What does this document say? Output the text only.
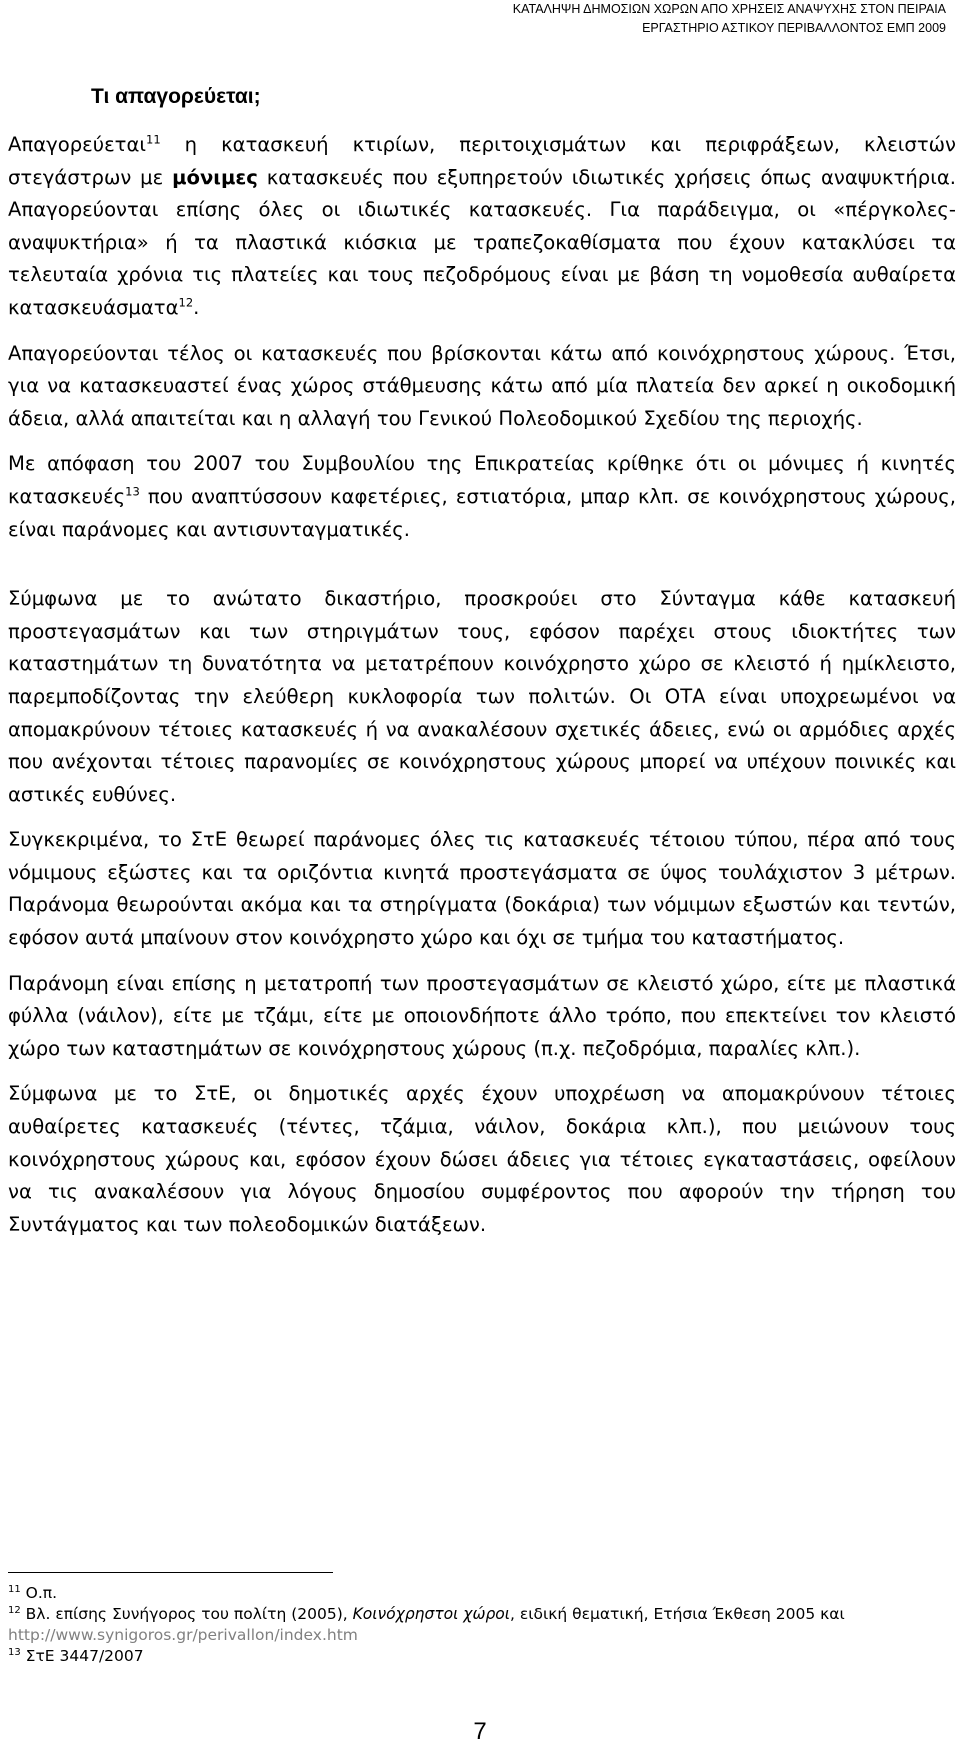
ΚΑΤΑΛΗΨΗ ΔΗΜΟΣΙΩΝ ΧΩΡΩΝ ΑΠΟ ΧΡΗΣΕΙΣ ΑΝΑΨΥΧΗΣ ΣΤΟΝ ΠΕΙΡΑΙΑ
ΕΡΓΑΣΤΗΡΙΟ ΑΣΤΙΚΟΥ ΠΕΡΙΒΑΛΛΟΝΤΟΣ ΕΜΠ 2009
Τι απαγορεύεται;

Απαγορεύεται$^{11}$ η κατασκευή κτιρίων, περιτοιχισμάτων και περιφράξεων, κλειστών στεγάστρων με μόνιμες κατασκευές που εξυπηρετούν ιδιωτικές χρήσεις όπως αναψυκτήρια. Απαγορεύονται επίσης όλες οι ιδιωτικές κατασκευές. Για παράδειγμα, οι «πέργκολες-αναψυκτήρια» ή τα πλαστικά κιόσκια με τραπεζοκαθίσματα που έχουν κατακλύσει τα τελευταία χρόνια τις πλατείες και τους πεζοδρόμους είναι με βάση τη νομοθεσία αυθαίρετα κατασκευάσματα$^{12}$.

Απαγορεύονται τέλος οι κατασκευές που βρίσκονται κάτω από κοινόχρηστους χώρους. Έτσι, για να κατασκευαστεί ένας χώρος στάθμευσης κάτω από μία πλατεία δεν αρκεί η οικοδομική άδεια, αλλά απαιτείται και η αλλαγή του Γενικού Πολεοδομικού Σχεδίου της περιοχής.

Με απόφαση του 2007 του Συμβουλίου της Επικρατείας κρίθηκε ότι οι μόνιμες ή κινητές κατασκευές$^{13}$ που αναπτύσσουν καφετέριες, εστιατόρια, μπαρ κλπ. σε κοινόχρηστους χώρους, είναι παράνομες και αντισυνταγματικές.

Σύμφωνα με το ανώτατο δικαστήριο, προσκρούει στο Σύνταγμα κάθε κατασκευή προστεγασμάτων και των στηριγμάτων τους, εφόσον παρέχει στους ιδιοκτήτες των καταστημάτων τη δυνατότητα να μετατρέπουν κοινόχρηστο χώρο σε κλειστό ή ημίκλειστο, παρεμποδίζοντας την ελεύθερη κυκλοφορία των πολιτών. Οι ΟΤΑ είναι υποχρεωμένοι να απομακρύνουν τέτοιες κατασκευές ή να ανακαλέσουν σχετικές άδειες, ενώ οι αρμόδιες αρχές που ανέχονται τέτοιες παρανομίες σε κοινόχρηστους χώρους μπορεί να υπέχουν ποινικές και αστικές ευθύνες.

Συγκεκριμένα, το ΣτΕ θεωρεί παράνομες όλες τις κατασκευές τέτοιου τύπου, πέρα από τους νόμιμους εξώστες και τα οριζόντια κινητά προστεγάσματα σε ύψος τουλάχιστον 3 μέτρων. Παράνομα θεωρούνται ακόμα και τα στηρίγματα (δοκάρια) των νόμιμων εξωστών και τεντών, εφόσον αυτά μπαίνουν στον κοινόχρηστο χώρο και όχι σε τμήμα του καταστήματος.

Παράνομη είναι επίσης η μετατροπή των προστεγασμάτων σε κλειστό χώρο, είτε με πλαστικά φύλλα (νάιλον), είτε με τζάμι, είτε με οποιονδήποτε άλλο τρόπο, που επεκτείνει τον κλειστό χώρο των καταστημάτων σε κοινόχρηστους χώρους (π.χ. πεζοδρόμια, παραλίες κλπ.).

Σύμφωνα με το ΣτΕ, οι δημοτικές αρχές έχουν υποχρέωση να απομακρύνουν τέτοιες αυθαίρετες κατασκευές (τέντες, τζάμια, νάιλον, δοκάρια κλπ.), που μειώνουν τους κοινόχρηστους χώρους και, εφόσον έχουν δώσει άδειες για τέτοιες εγκαταστάσεις, οφείλουν να τις ανακαλέσουν για λόγους δημοσίου συμφέροντος που αφορούν την τήρηση του Συντάγματος και των πολεοδομικών διατάξεων.

$^{11}$ Ο.π.
$^{12}$ Βλ. επίσης Συνήγορος του πολίτη (2005), Κοινόχρηστοι χώροι, ειδική θεματική, Ετήσια Έκθεση 2005 και http://www.synigoros.gr/perivallon/index.htm
$^{13}$ ΣτΕ 3447/2007
7
